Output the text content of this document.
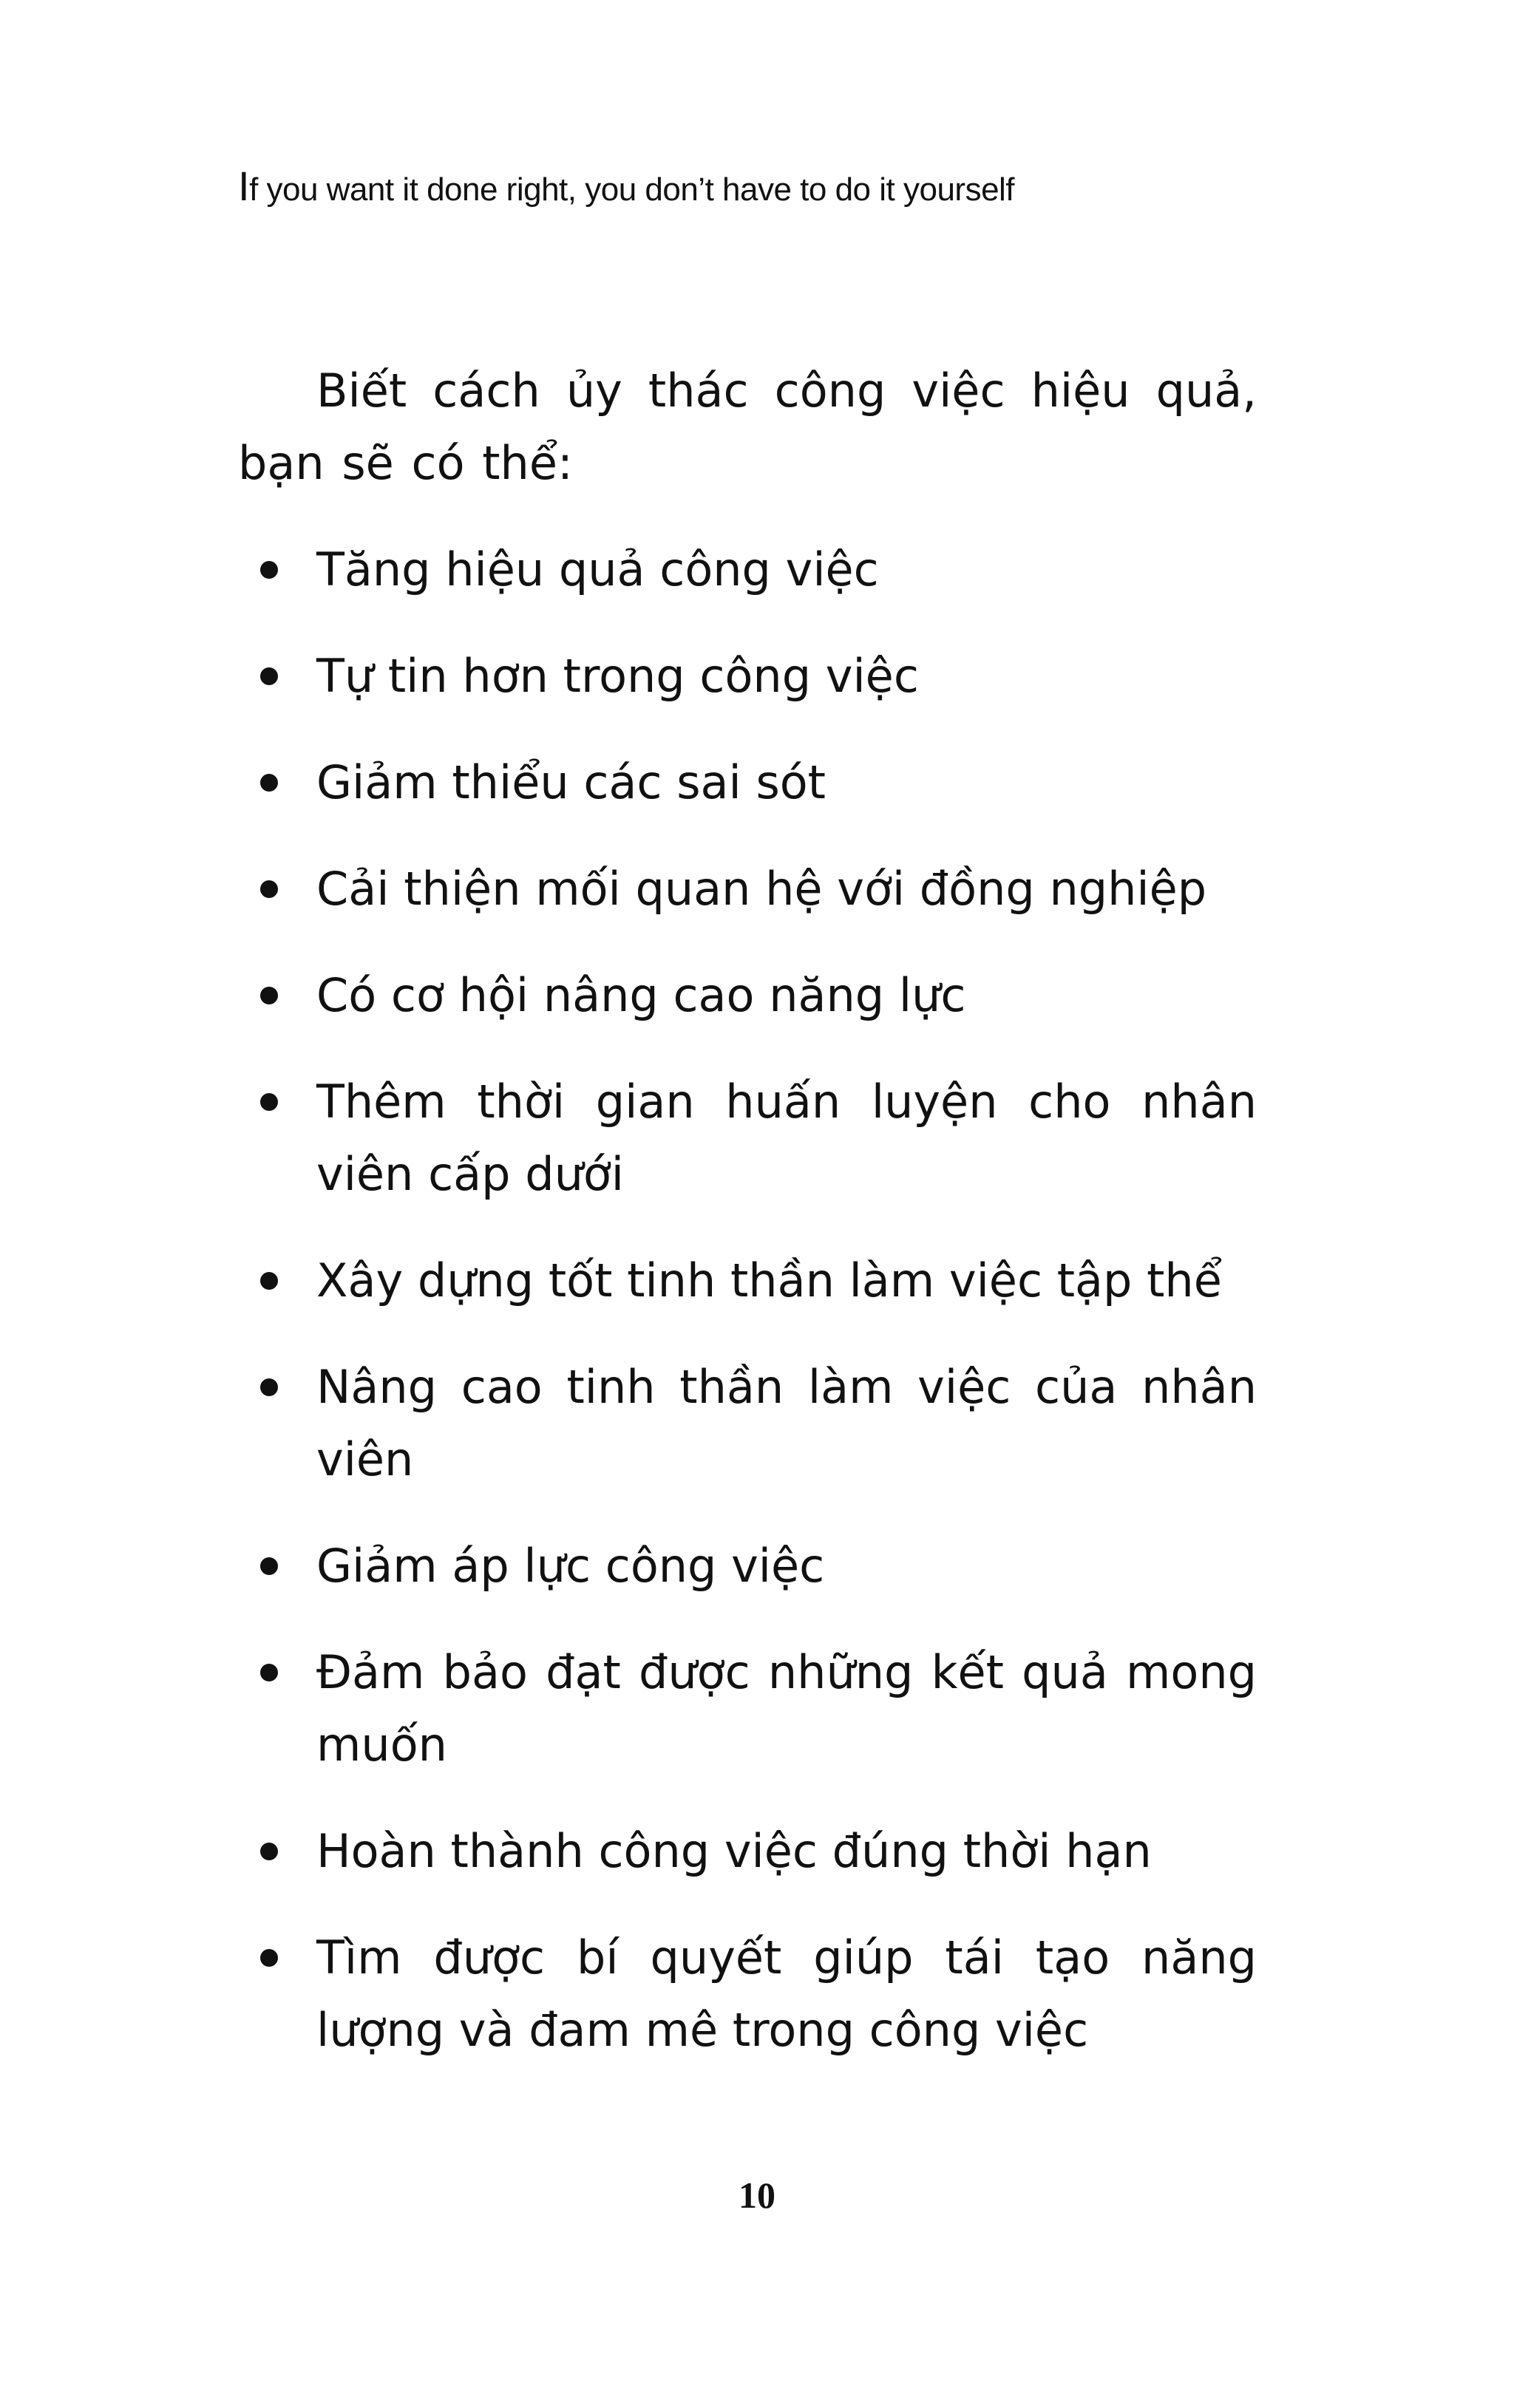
If you want it done right, you don’t have to do it yourself

Biết cách ủy thác công việc hiệu quả, bạn sẽ có thể:

Tăng hiệu quả công việc
Tự tin hơn trong công việc
Giảm thiểu các sai sót
Cải thiện mối quan hệ với đồng nghiệp
Có cơ hội nâng cao năng lực
Thêm thời gian huấn luyện cho nhân viên cấp dưới
Xây dựng tốt tinh thần làm việc tập thể
Nâng cao tinh thần làm việc của nhân viên
Giảm áp lực công việc
Đảm bảo đạt được những kết quả mong muốn
Hoàn thành công việc đúng thời hạn
Tìm được bí quyết giúp tái tạo năng lượng và đam mê trong công việc
10
